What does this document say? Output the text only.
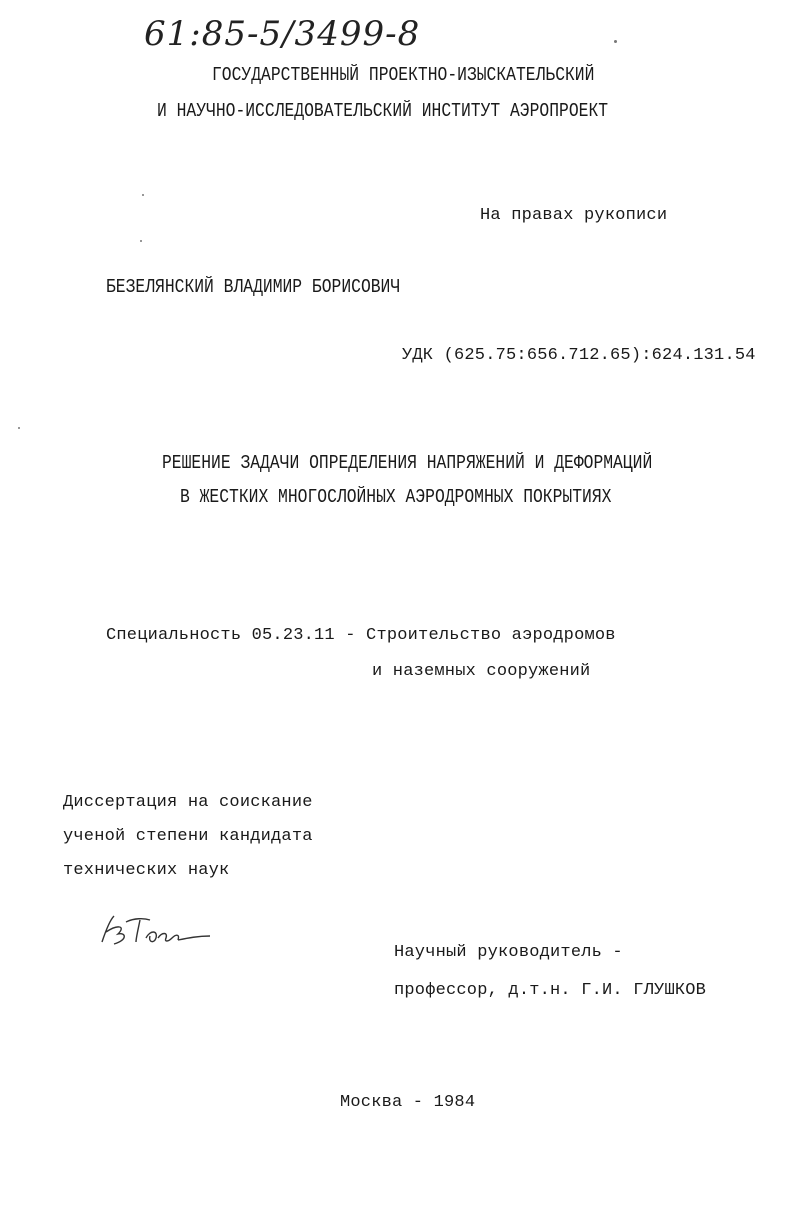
61:85-5/3499-8
ГОСУДАРСТВЕННЫЙ ПРОЕКТНО-ИЗЫСКАТЕЛЬСКИЙ
И НАУЧНО-ИССЛЕДОВАТЕЛЬСКИЙ ИНСТИТУТ АЭРОПРОЕКТ
На правах рукописи
БЕЗЕЛЯНСКИЙ ВЛАДИМИР БОРИСОВИЧ
УДК (625.75:656.712.65):624.131.54
РЕШЕНИЕ ЗАДАЧИ ОПРЕДЕЛЕНИЯ НАПРЯЖЕНИЙ И ДЕФОРМАЦИЙ
В ЖЕСТКИХ МНОГОСЛОЙНЫХ АЭРОДРОМНЫХ ПОКРЫТИЯХ
Специальность 05.23.11 - Строительство аэродромов
и наземных сооружений
Диссертация на соискание
ученой степени кандидата
технических наук
Научный руководитель -
профессор, д.т.н. Г.И. ГЛУШКОВ
Москва - 1984
